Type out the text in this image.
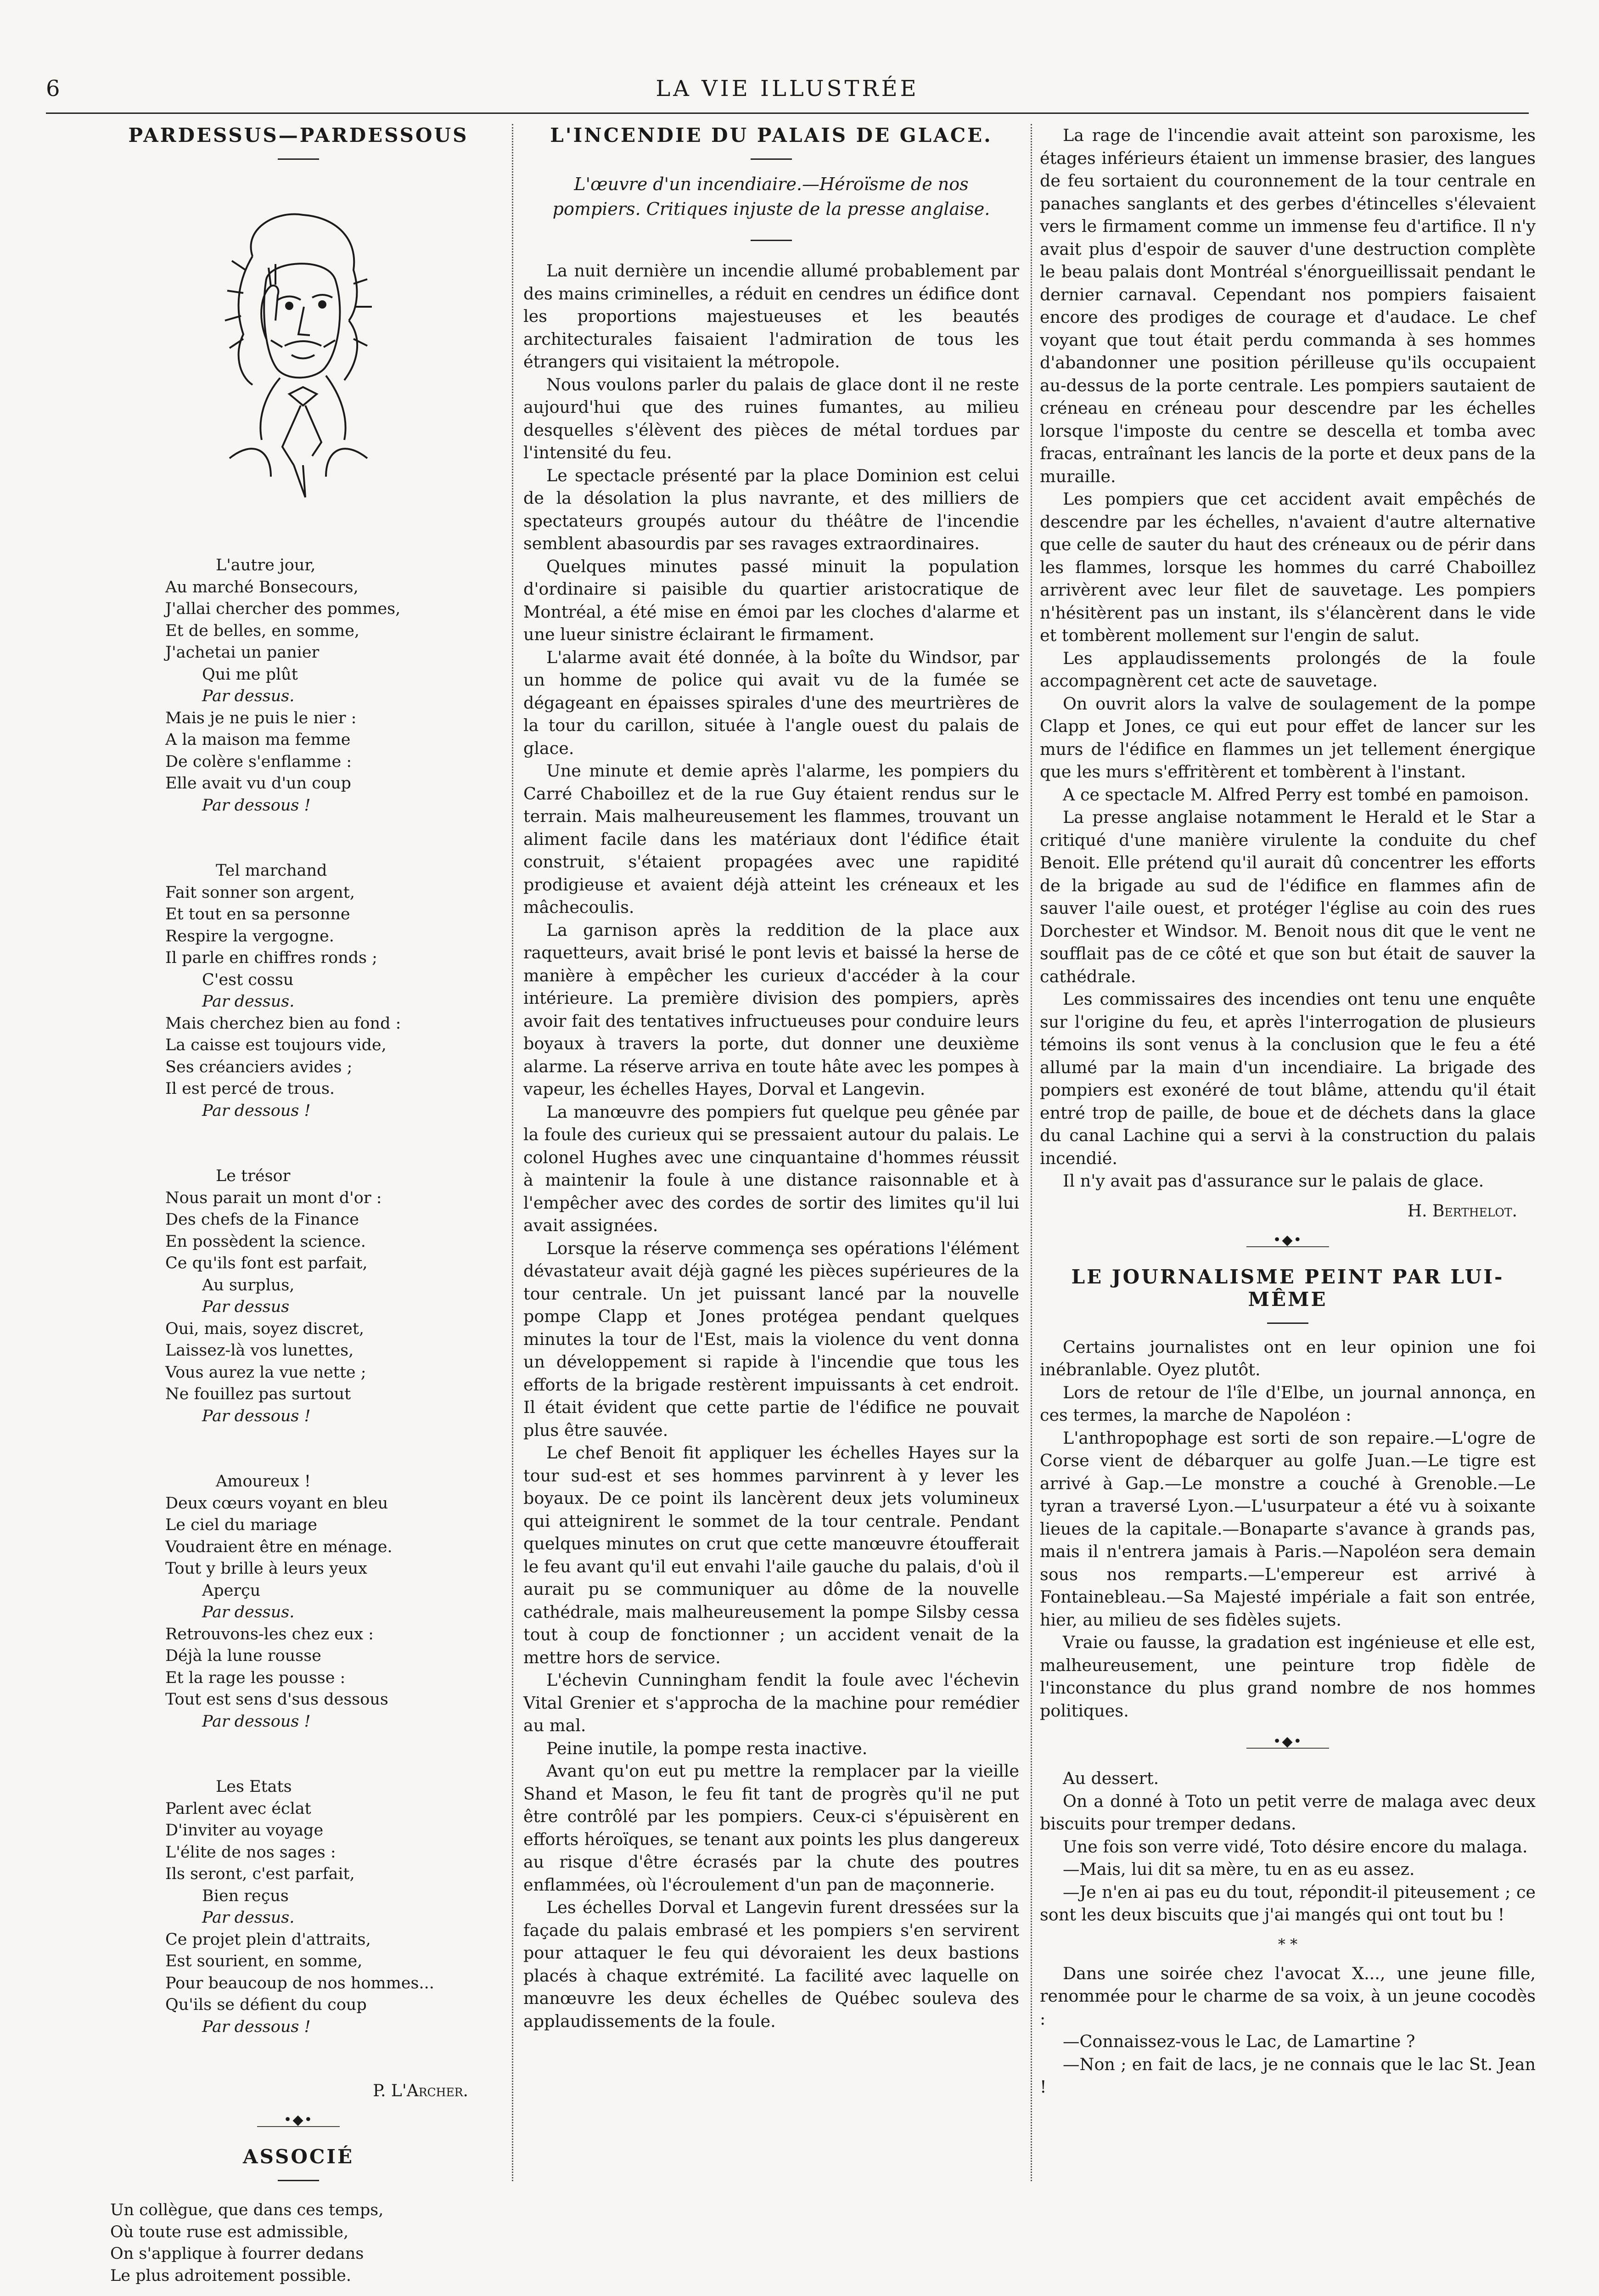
6	LA VIE ILLUSTRÉE
PARDESSUS—PARDESSOUS
L'autre jour,
Au marché Bonsecours,
J'allai chercher des pommes,
Et de belles, en somme,
J'achetai un panier
Qui me plût
Par dessus.
Mais je ne puis le nier :
A la maison ma femme
De colère s'enflamme :
Elle avait vu d'un coup
Par dessous !
Tel marchand
Fait sonner son argent,
Et tout en sa personne
Respire la vergogne.
Il parle en chiffres ronds ;
C'est cossu
Par dessus.
Mais cherchez bien au fond :
La caisse est toujours vide,
Ses créanciers avides ;
Il est percé de trous.
Par dessous !
Le trésor
Nous parait un mont d'or :
Des chefs de la Finance
En possèdent la science.
Ce qu'ils font est parfait,
Au surplus,
Par dessus
Oui, mais, soyez discret,
Laissez-là vos lunettes,
Vous aurez la vue nette ;
Ne fouillez pas surtout
Par dessous !
Amoureux !
Deux cœurs voyant en bleu
Le ciel du mariage
Voudraient être en ménage.
Tout y brille à leurs yeux
Aperçu
Par dessus.
Retrouvons-les chez eux :
Déjà la lune rousse
Et la rage les pousse :
Tout est sens d'sus dessous
Par dessous !
Les Etats
Parlent avec éclat
D'inviter au voyage
L'élite de nos sages :
Ils seront, c'est parfait,
Bien reçus
Par dessus.
Ce projet plein d'attraits,
Est sourient, en somme,
Pour beaucoup de nos hommes...
Qu'ils se défient du coup
Par dessous !

P. L'Archer.

•◆•
ASSOCIÉ
Un collègue, que dans ces temps,
Où toute ruse est admissible,
On s'applique à fourrer dedans
Le plus adroitement possible.

L'INCENDIE DU PALAIS DE GLACE.
L'œuvre d'un incendiaire.—Héroïsme de nos pompiers. Critiques injuste de la presse anglaise.

La nuit dernière un incendie allumé probablement par des mains criminelles, a réduit en cendres un édifice dont les proportions majestueuses et les beautés architecturales faisaient l'admiration de tous les étrangers qui visitaient la métropole.

Nous voulons parler du palais de glace dont il ne reste aujourd'hui que des ruines fumantes, au milieu desquelles s'élèvent des pièces de métal tordues par l'intensité du feu.

Le spectacle présenté par la place Dominion est celui de la désolation la plus navrante, et des milliers de spectateurs groupés autour du théâtre de l'incendie semblent abasourdis par ses ravages extraordinaires.

Quelques minutes passé minuit la population d'ordinaire si paisible du quartier aristocratique de Montréal, a été mise en émoi par les cloches d'alarme et une lueur sinistre éclairant le firmament.

L'alarme avait été donnée, à la boîte du Windsor, par un homme de police qui avait vu de la fumée se dégageant en épaisses spirales d'une des meurtrières de la tour du carillon, située à l'angle ouest du palais de glace.

Une minute et demie après l'alarme, les pompiers du Carré Chaboillez et de la rue Guy étaient rendus sur le terrain. Mais malheureusement les flammes, trouvant un aliment facile dans les matériaux dont l'édifice était construit, s'étaient propagées avec une rapidité prodigieuse et avaient déjà atteint les créneaux et les mâchecoulis.

La garnison après la reddition de la place aux raquetteurs, avait brisé le pont levis et baissé la herse de manière à empêcher les curieux d'accéder à la cour intérieure. La première division des pompiers, après avoir fait des tentatives infructueuses pour conduire leurs boyaux à travers la porte, dut donner une deuxième alarme. La réserve arriva en toute hâte avec les pompes à vapeur, les échelles Hayes, Dorval et Langevin.

La manœuvre des pompiers fut quelque peu gênée par la foule des curieux qui se pressaient autour du palais. Le colonel Hughes avec une cinquantaine d'hommes réussit à maintenir la foule à une distance raisonnable et à l'empêcher avec des cordes de sortir des limites qu'il lui avait assignées.

Lorsque la réserve commença ses opérations l'élément dévastateur avait déjà gagné les pièces supérieures de la tour centrale. Un jet puissant lancé par la nouvelle pompe Clapp et Jones protégea pendant quelques minutes la tour de l'Est, mais la violence du vent donna un développement si rapide à l'incendie que tous les efforts de la brigade restèrent impuissants à cet endroit. Il était évident que cette partie de l'édifice ne pouvait plus être sauvée.

Le chef Benoit fit appliquer les échelles Hayes sur la tour sud-est et ses hommes parvinrent à y lever les boyaux. De ce point ils lancèrent deux jets volumineux qui atteignirent le sommet de la tour centrale. Pendant quelques minutes on crut que cette manœuvre étoufferait le feu avant qu'il eut envahi l'aile gauche du palais, d'où il aurait pu se communiquer au dôme de la nouvelle cathédrale, mais malheureusement la pompe Silsby cessa tout à coup de fonctionner ; un accident venait de la mettre hors de service.

L'échevin Cunningham fendit la foule avec l'échevin Vital Grenier et s'approcha de la machine pour remédier au mal.

Peine inutile, la pompe resta inactive.

Avant qu'on eut pu mettre la remplacer par la vieille Shand et Mason, le feu fit tant de progrès qu'il ne put être contrôlé par les pompiers. Ceux-ci s'épuisèrent en efforts héroïques, se tenant aux points les plus dangereux au risque d'être écrasés par la chute des poutres enflammées, où l'écroulement d'un pan de maçonnerie.

Les échelles Dorval et Langevin furent dressées sur la façade du palais embrasé et les pompiers s'en servirent pour attaquer le feu qui dévoraient les deux bastions placés à chaque extrémité. La facilité avec laquelle on manœuvre les deux échelles de Québec souleva des applaudissements de la foule.

La rage de l'incendie avait atteint son paroxisme, les étages inférieurs étaient un immense brasier, des langues de feu sortaient du couronnement de la tour centrale en panaches sanglants et des gerbes d'étincelles s'élevaient vers le firmament comme un immense feu d'artifice. Il n'y avait plus d'espoir de sauver d'une destruction complète le beau palais dont Montréal s'énorgueillissait pendant le dernier carnaval. Cependant nos pompiers faisaient encore des prodiges de courage et d'audace. Le chef voyant que tout était perdu commanda à ses hommes d'abandonner une position périlleuse qu'ils occupaient au-dessus de la porte centrale. Les pompiers sautaient de créneau en créneau pour descendre par les échelles lorsque l'imposte du centre se descella et tomba avec fracas, entraînant les lancis de la porte et deux pans de la muraille.

Les pompiers que cet accident avait empêchés de descendre par les échelles, n'avaient d'autre alternative que celle de sauter du haut des créneaux ou de périr dans les flammes, lorsque les hommes du carré Chaboillez arrivèrent avec leur filet de sauvetage. Les pompiers n'hésitèrent pas un instant, ils s'élancèrent dans le vide et tombèrent mollement sur l'engin de salut.

Les applaudissements prolongés de la foule accompagnèrent cet acte de sauvetage.

On ouvrit alors la valve de soulagement de la pompe Clapp et Jones, ce qui eut pour effet de lancer sur les murs de l'édifice en flammes un jet tellement énergique que les murs s'effritèrent et tombèrent à l'instant.

A ce spectacle M. Alfred Perry est tombé en pamoison.

La presse anglaise notamment le Herald et le Star a critiqué d'une manière virulente la conduite du chef Benoit. Elle prétend qu'il aurait dû concentrer les efforts de la brigade au sud de l'édifice en flammes afin de sauver l'aile ouest, et protéger l'église au coin des rues Dorchester et Windsor. M. Benoit nous dit que le vent ne soufflait pas de ce côté et que son but était de sauver la cathédrale.

Les commissaires des incendies ont tenu une enquête sur l'origine du feu, et après l'interrogation de plusieurs témoins ils sont venus à la conclusion que le feu a été allumé par la main d'un incendiaire. La brigade des pompiers est exonéré de tout blâme, attendu qu'il était entré trop de paille, de boue et de déchets dans la glace du canal Lachine qui a servi à la construction du palais incendié.

Il n'y avait pas d'assurance sur le palais de glace.

H. Berthelot.

•◆•
LE JOURNALISME PEINT PAR LUI-MÊME

Certains journalistes ont en leur opinion une foi inébranlable. Oyez plutôt.

Lors de retour de l'île d'Elbe, un journal annonça, en ces termes, la marche de Napoléon :

L'anthropophage est sorti de son repaire.—L'ogre de Corse vient de débarquer au golfe Juan.—Le tigre est arrivé à Gap.—Le monstre a couché à Grenoble.—Le tyran a traversé Lyon.—L'usurpateur a été vu à soixante lieues de la capitale.—Bonaparte s'avance à grands pas, mais il n'entrera jamais à Paris.—Napoléon sera demain sous nos remparts.—L'empereur est arrivé à Fontainebleau.—Sa Majesté impériale a fait son entrée, hier, au milieu de ses fidèles sujets.

Vraie ou fausse, la gradation est ingénieuse et elle est, malheureusement, une peinture trop fidèle de l'inconstance du plus grand nombre de nos hommes politiques.

•◆•

Au dessert.

On a donné à Toto un petit verre de malaga avec deux biscuits pour tremper dedans.

Une fois son verre vidé, Toto désire encore du malaga.

—Mais, lui dit sa mère, tu en as eu assez.

—Je n'en ai pas eu du tout, répondit-il piteusement ; ce sont les deux biscuits que j'ai mangés qui ont tout bu !

* *

Dans une soirée chez l'avocat X..., une jeune fille, renommée pour le charme de sa voix, à un jeune cocodès :

—Connaissez-vous le Lac, de Lamartine ?

—Non ; en fait de lacs, je ne connais que le lac St. Jean !
